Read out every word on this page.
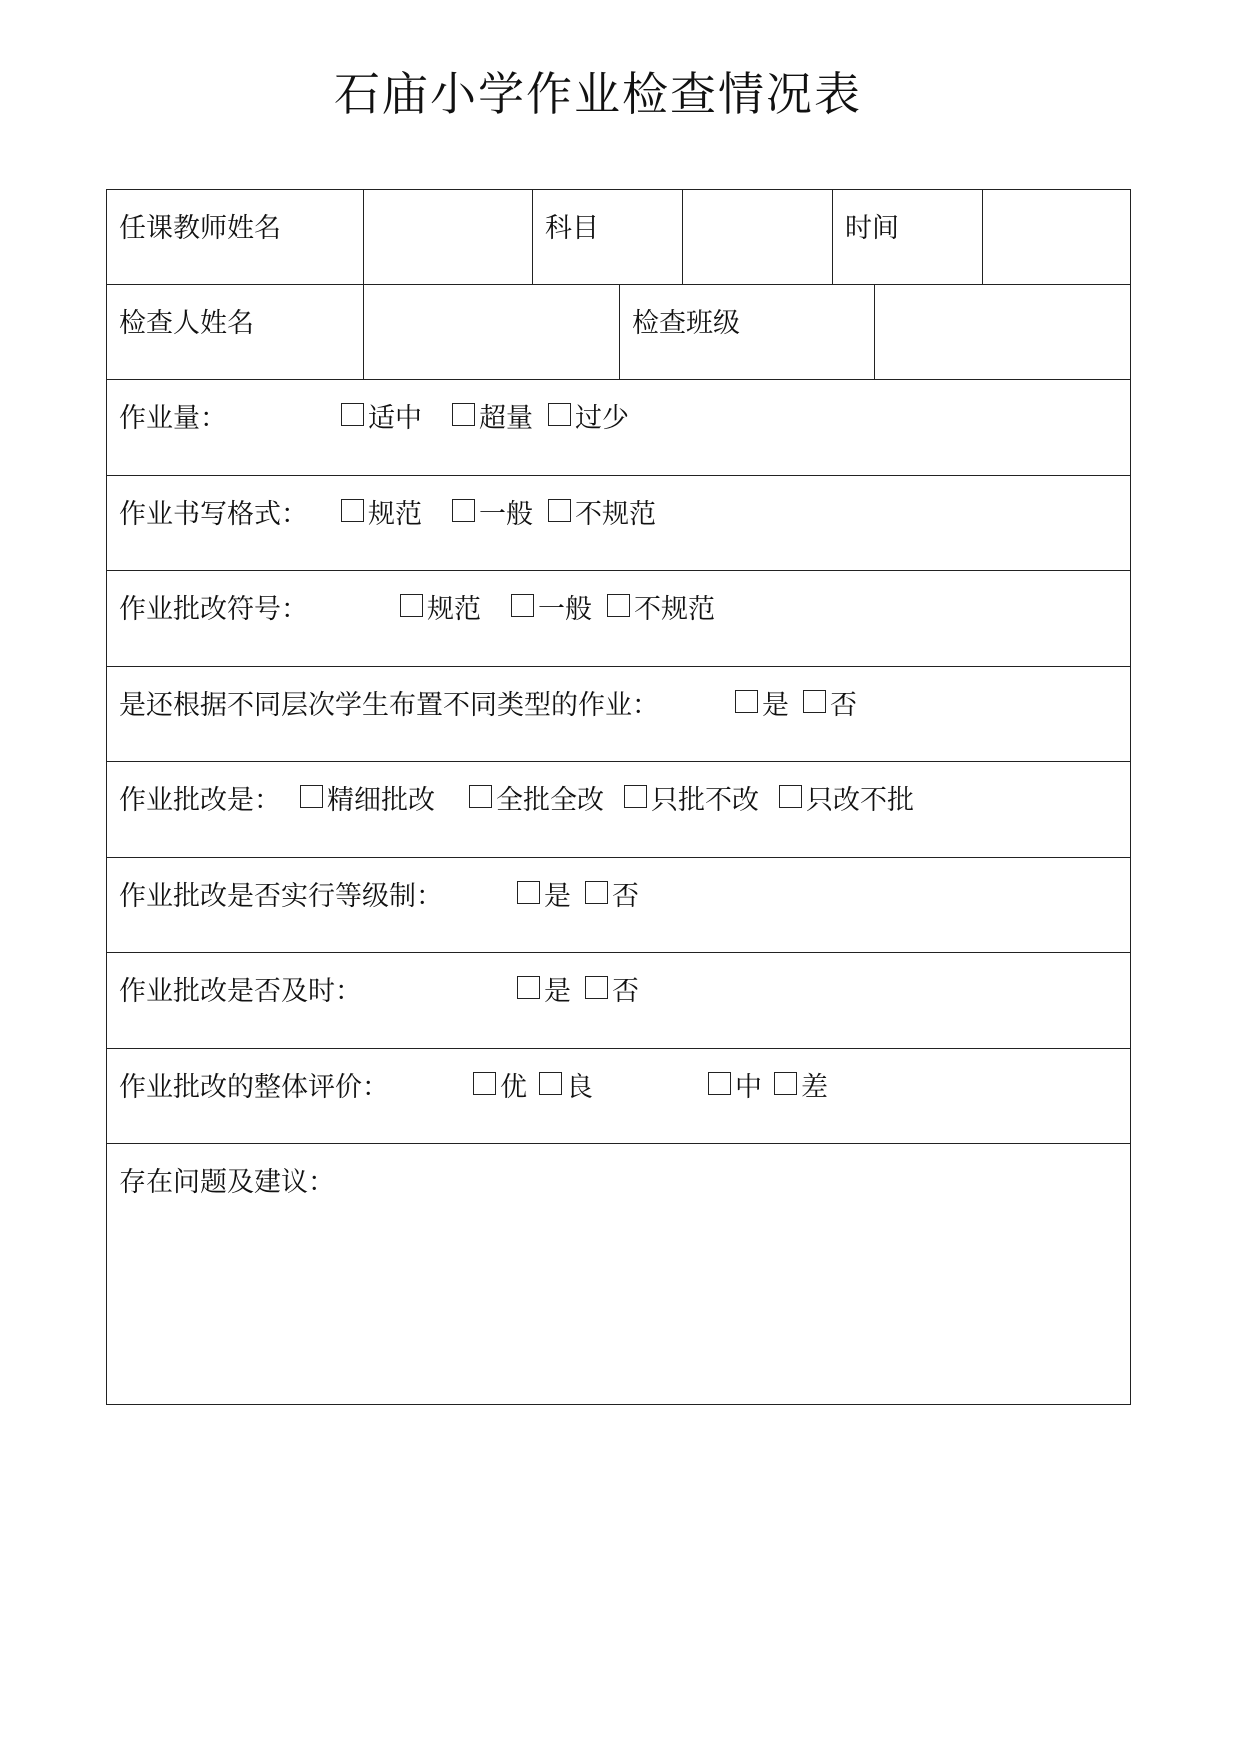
石庙小学作业检查情况表
任课教师姓名	科目	时间
检查人姓名	检查班级
作业量：	适中 超量 过少
作业书写格式： 规范 一般 不规范
作业批改符号：	规范 一般 不规范
是还根据不同层次学生布置不同类型的作业：	是 否
作业批改是： 精细批改 全批全改 只批不改 只改不批
作业批改是否实行等级制：	是 否
作业批改是否及时：	是 否
作业批改的整体评价：	优 良	中 差
存在问题及建议：
